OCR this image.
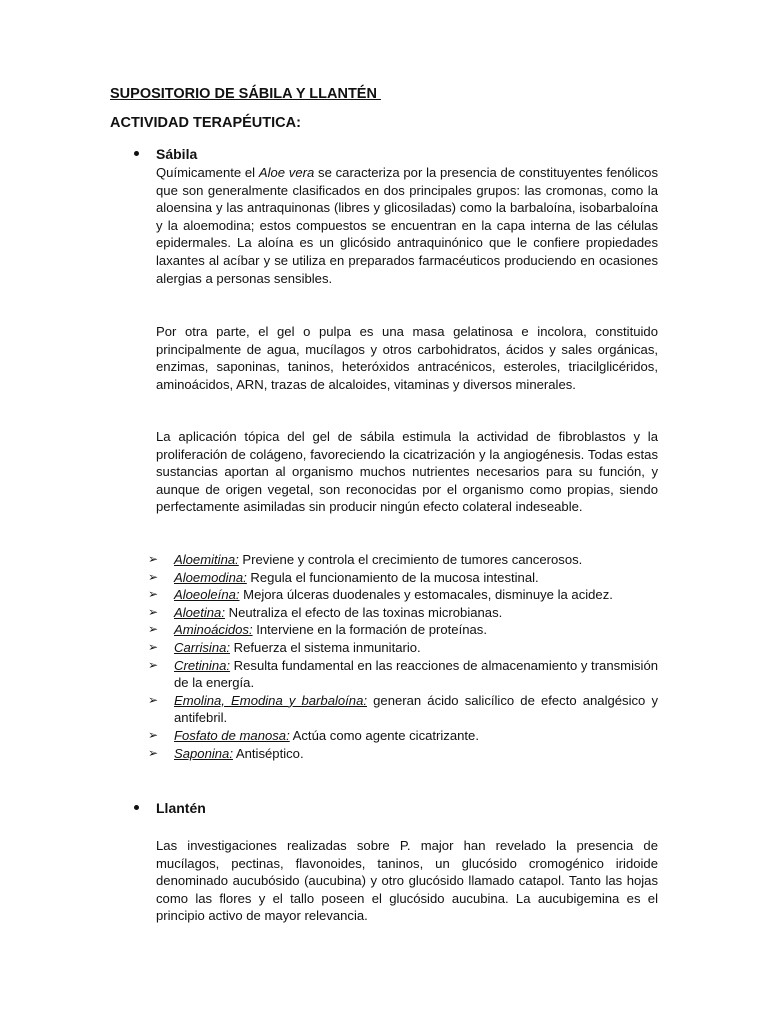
SUPOSITORIO DE SÁBILA Y LLANTÉN
ACTIVIDAD TERAPÉUTICA:
Sábila

Químicamente el Aloe vera se caracteriza por la presencia de constituyentes fenólicos que son generalmente clasificados en dos principales grupos: las cromonas, como la aloensina y las antraquinonas (libres y glicosiladas) como la barbaloína, isobarbaloína y la aloemodina; estos compuestos se encuentran en la capa interna de las células epidermales. La aloína es un glicósido antraquinónico que le confiere propiedades laxantes al acíbar y se utiliza en preparados farmacéuticos produciendo en ocasiones alergias a personas sensibles.

Por otra parte, el gel o pulpa es una masa gelatinosa e incolora, constituido principalmente de agua, mucílagos y otros carbohidratos, ácidos y sales orgánicas, enzimas, saponinas, taninos, heteróxidos antracénicos, esteroles, triacilglicéridos, aminoácidos, ARN, trazas de alcaloides, vitaminas y diversos minerales.

La aplicación tópica del gel de sábila estimula la actividad de fibroblastos y la proliferación de colágeno, favoreciendo la cicatrización y la angiogénesis. Todas estas sustancias aportan al organismo muchos nutrientes necesarios para su función, y aunque de origen vegetal, son reconocidas por el organismo como propias, siendo perfectamente asimiladas sin producir ningún efecto colateral indeseable.

➢ Aloemitina: Previene y controla el crecimiento de tumores cancerosos.
➢ Aloemodina: Regula el funcionamiento de la mucosa intestinal.
➢ Aloeoleína: Mejora úlceras duodenales y estomacales, disminuye la acidez.
➢ Aloetina: Neutraliza el efecto de las toxinas microbianas.
➢ Aminoácidos: Interviene en la formación de proteínas.
➢ Carrisina: Refuerza el sistema inmunitario.
➢ Cretinina: Resulta fundamental en las reacciones de almacenamiento y transmisión de la energía.
➢ Emolina, Emodina y barbaloína: generan ácido salicílico de efecto analgésico y antifebril.
➢ Fosfato de manosa: Actúa como agente cicatrizante.
➢ Saponina: Antiséptico.
Llantén

Las investigaciones realizadas sobre P. major han revelado la presencia de mucílagos, pectinas, flavonoides, taninos, un glucósido cromogénico iridoide denominado aucubósido (aucubina) y otro glucósido llamado catapol. Tanto las hojas como las flores y el tallo poseen el glucósido aucubina. La aucubigemina es el principio activo de mayor relevancia.
